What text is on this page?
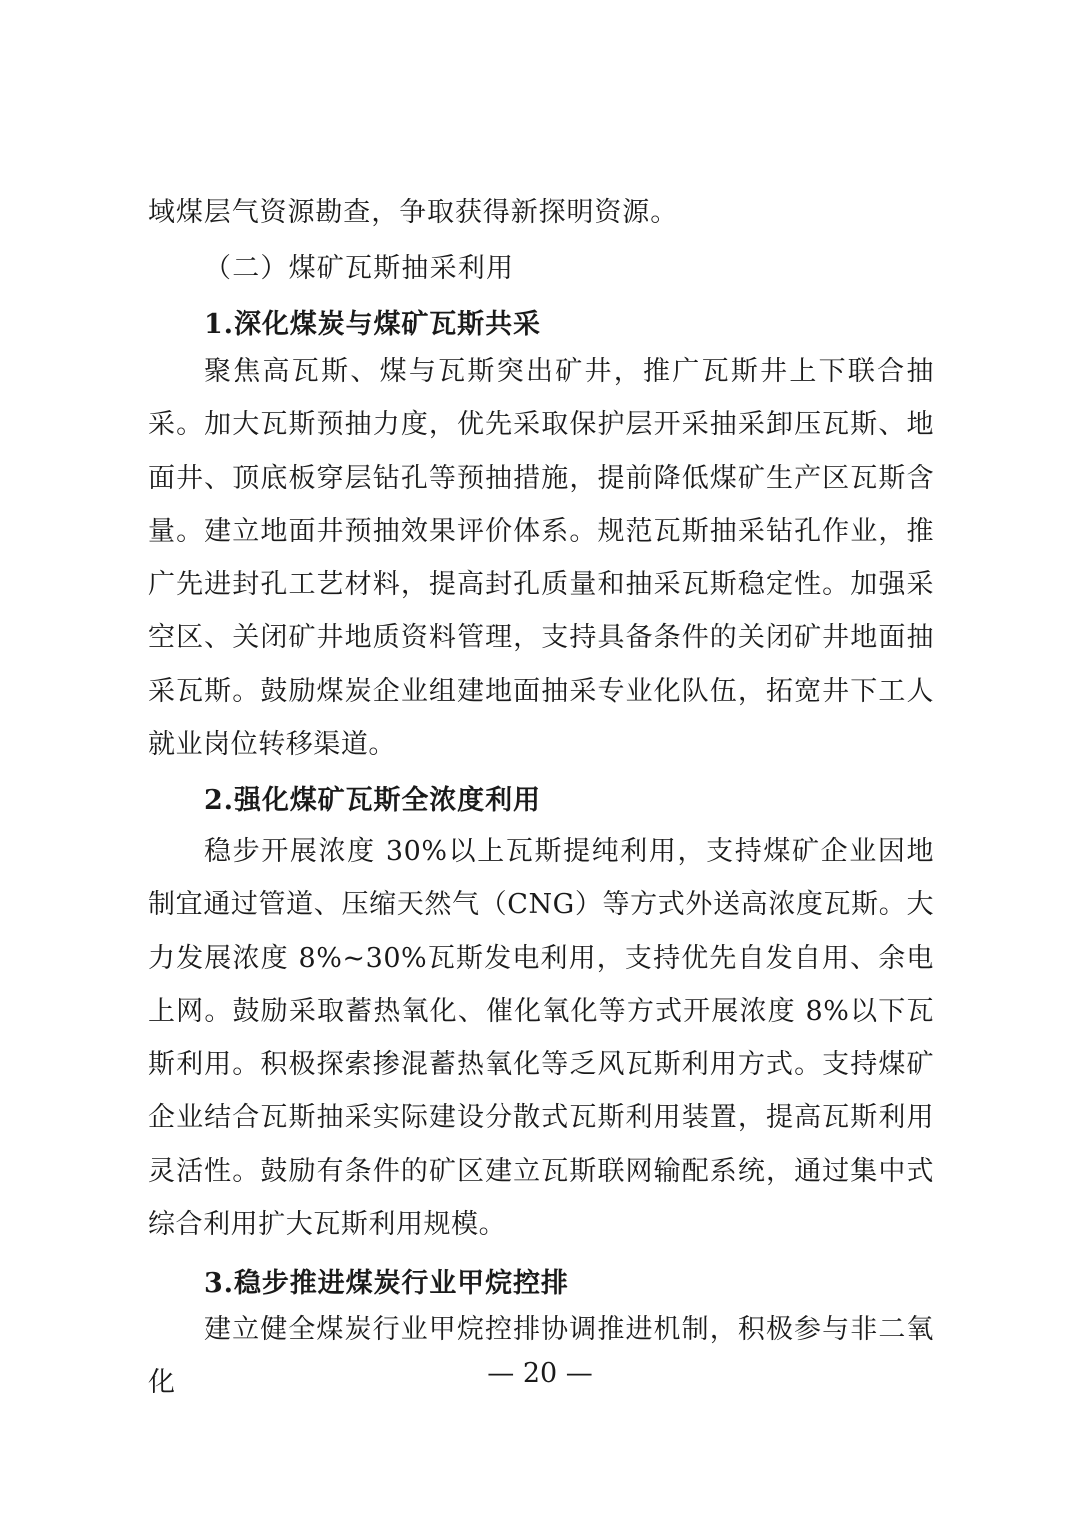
域煤层气资源勘查，争取获得新探明资源。
（二）煤矿瓦斯抽采利用
1.深化煤炭与煤矿瓦斯共采
聚焦高瓦斯、煤与瓦斯突出矿井，推广瓦斯井上下联合抽采。加大瓦斯预抽力度，优先采取保护层开采抽采卸压瓦斯、地面井、顶底板穿层钻孔等预抽措施，提前降低煤矿生产区瓦斯含量。建立地面井预抽效果评价体系。规范瓦斯抽采钻孔作业，推广先进封孔工艺材料，提高封孔质量和抽采瓦斯稳定性。加强采空区、关闭矿井地质资料管理，支持具备条件的关闭矿井地面抽采瓦斯。鼓励煤炭企业组建地面抽采专业化队伍，拓宽井下工人就业岗位转移渠道。
2.强化煤矿瓦斯全浓度利用
稳步开展浓度 30%以上瓦斯提纯利用，支持煤矿企业因地制宜通过管道、压缩天然气（CNG）等方式外送高浓度瓦斯。大力发展浓度 8%~30%瓦斯发电利用，支持优先自发自用、余电上网。鼓励采取蓄热氧化、催化氧化等方式开展浓度 8%以下瓦斯利用。积极探索掺混蓄热氧化等乏风瓦斯利用方式。支持煤矿企业结合瓦斯抽采实际建设分散式瓦斯利用装置，提高瓦斯利用灵活性。鼓励有条件的矿区建立瓦斯联网输配系统，通过集中式综合利用扩大瓦斯利用规模。
3.稳步推进煤炭行业甲烷控排
建立健全煤炭行业甲烷控排协调推进机制，积极参与非二氧化	— 20 —
